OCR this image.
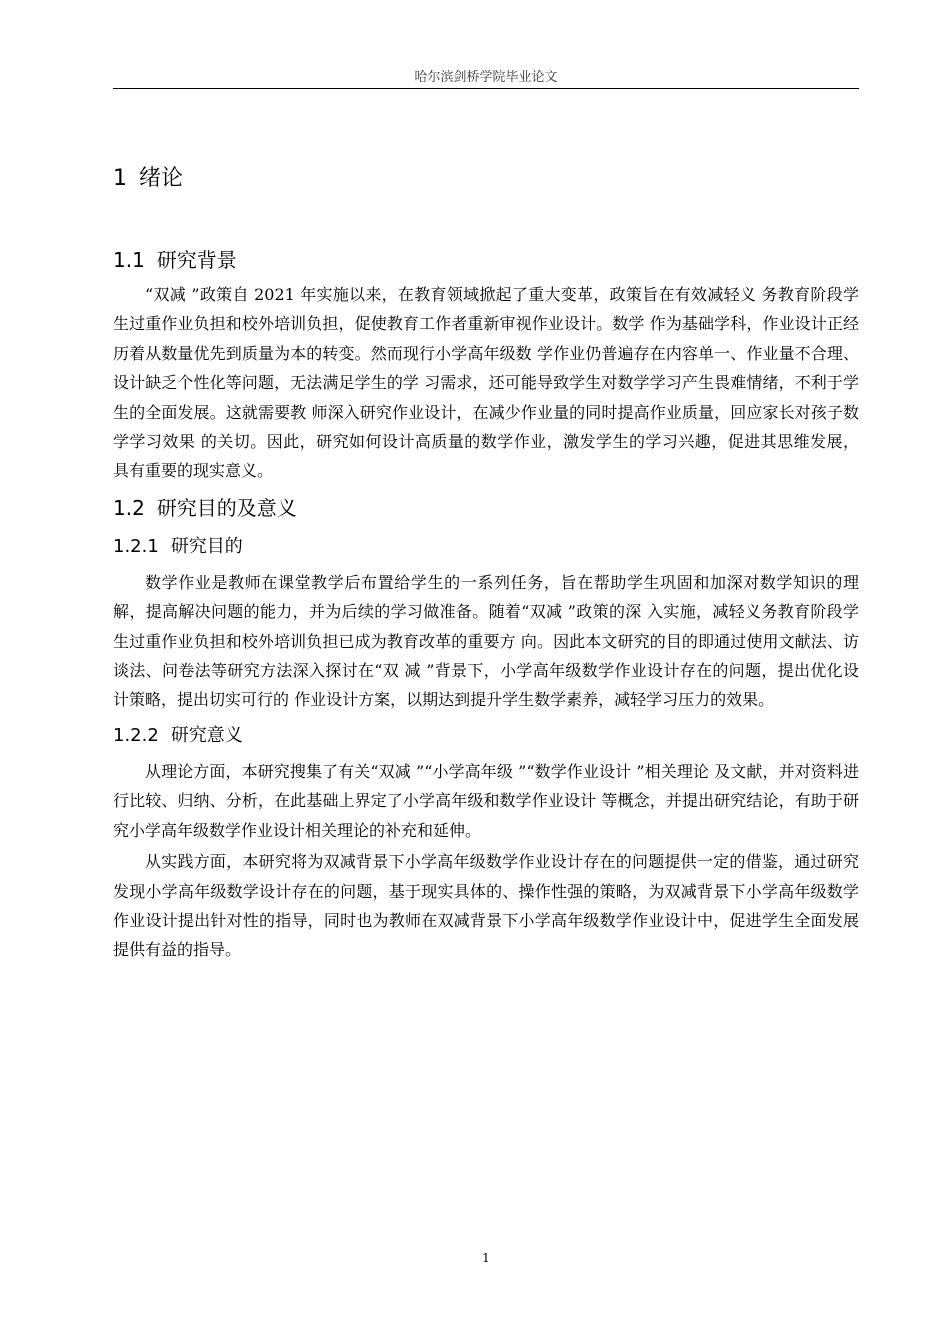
哈尔滨剑桥学院毕业论文
1 绪论
1.1 研究背景

“双减 ”政策自 2021 年实施以来，在教育领域掀起了重大变革，政策旨在有效减轻义 务教育阶段学生过重作业负担和校外培训负担，促使教育工作者重新审视作业设计。数学 作为基础学科，作业设计正经历着从数量优先到质量为本的转变。然而现行小学高年级数 学作业仍普遍存在内容单一、作业量不合理、设计缺乏个性化等问题，无法满足学生的学 习需求，还可能导致学生对数学学习产生畏难情绪，不利于学生的全面发展。这就需要教 师深入研究作业设计，在减少作业量的同时提高作业质量，回应家长对孩子数学学习效果 的关切。因此，研究如何设计高质量的数学作业，激发学生的学习兴趣，促进其思维发展， 具有重要的现实意义。

1.2 研究目的及意义
1.2.1 研究目的

数学作业是教师在课堂教学后布置给学生的一系列任务，旨在帮助学生巩固和加深对数学知识的理解，提高解决问题的能力，并为后续的学习做准备。随着“双减 ”政策的深 入实施，减轻义务教育阶段学生过重作业负担和校外培训负担已成为教育改革的重要方 向。因此本文研究的目的即通过使用文献法、访谈法、问卷法等研究方法深入探讨在“双 减 ”背景下，小学高年级数学作业设计存在的问题，提出优化设计策略，提出切实可行的 作业设计方案，以期达到提升学生数学素养，减轻学习压力的效果。

1.2.2 研究意义

从理论方面，本研究搜集了有关“双减 ”“小学高年级 ”“数学作业设计 ”相关理论 及文献，并对资料进行比较、归纳、分析，在此基础上界定了小学高年级和数学作业设计 等概念，并提出研究结论，有助于研究小学高年级数学作业设计相关理论的补充和延伸。

从实践方面，本研究将为双减背景下小学高年级数学作业设计存在的问题提供一定的借鉴，通过研究发现小学高年级数学设计存在的问题，基于现实具体的、操作性强的策略，为双减背景下小学高年级数学作业设计提出针对性的指导，同时也为教师在双减背景下小学高年级数学作业设计中，促进学生全面发展提供有益的指导。

1
